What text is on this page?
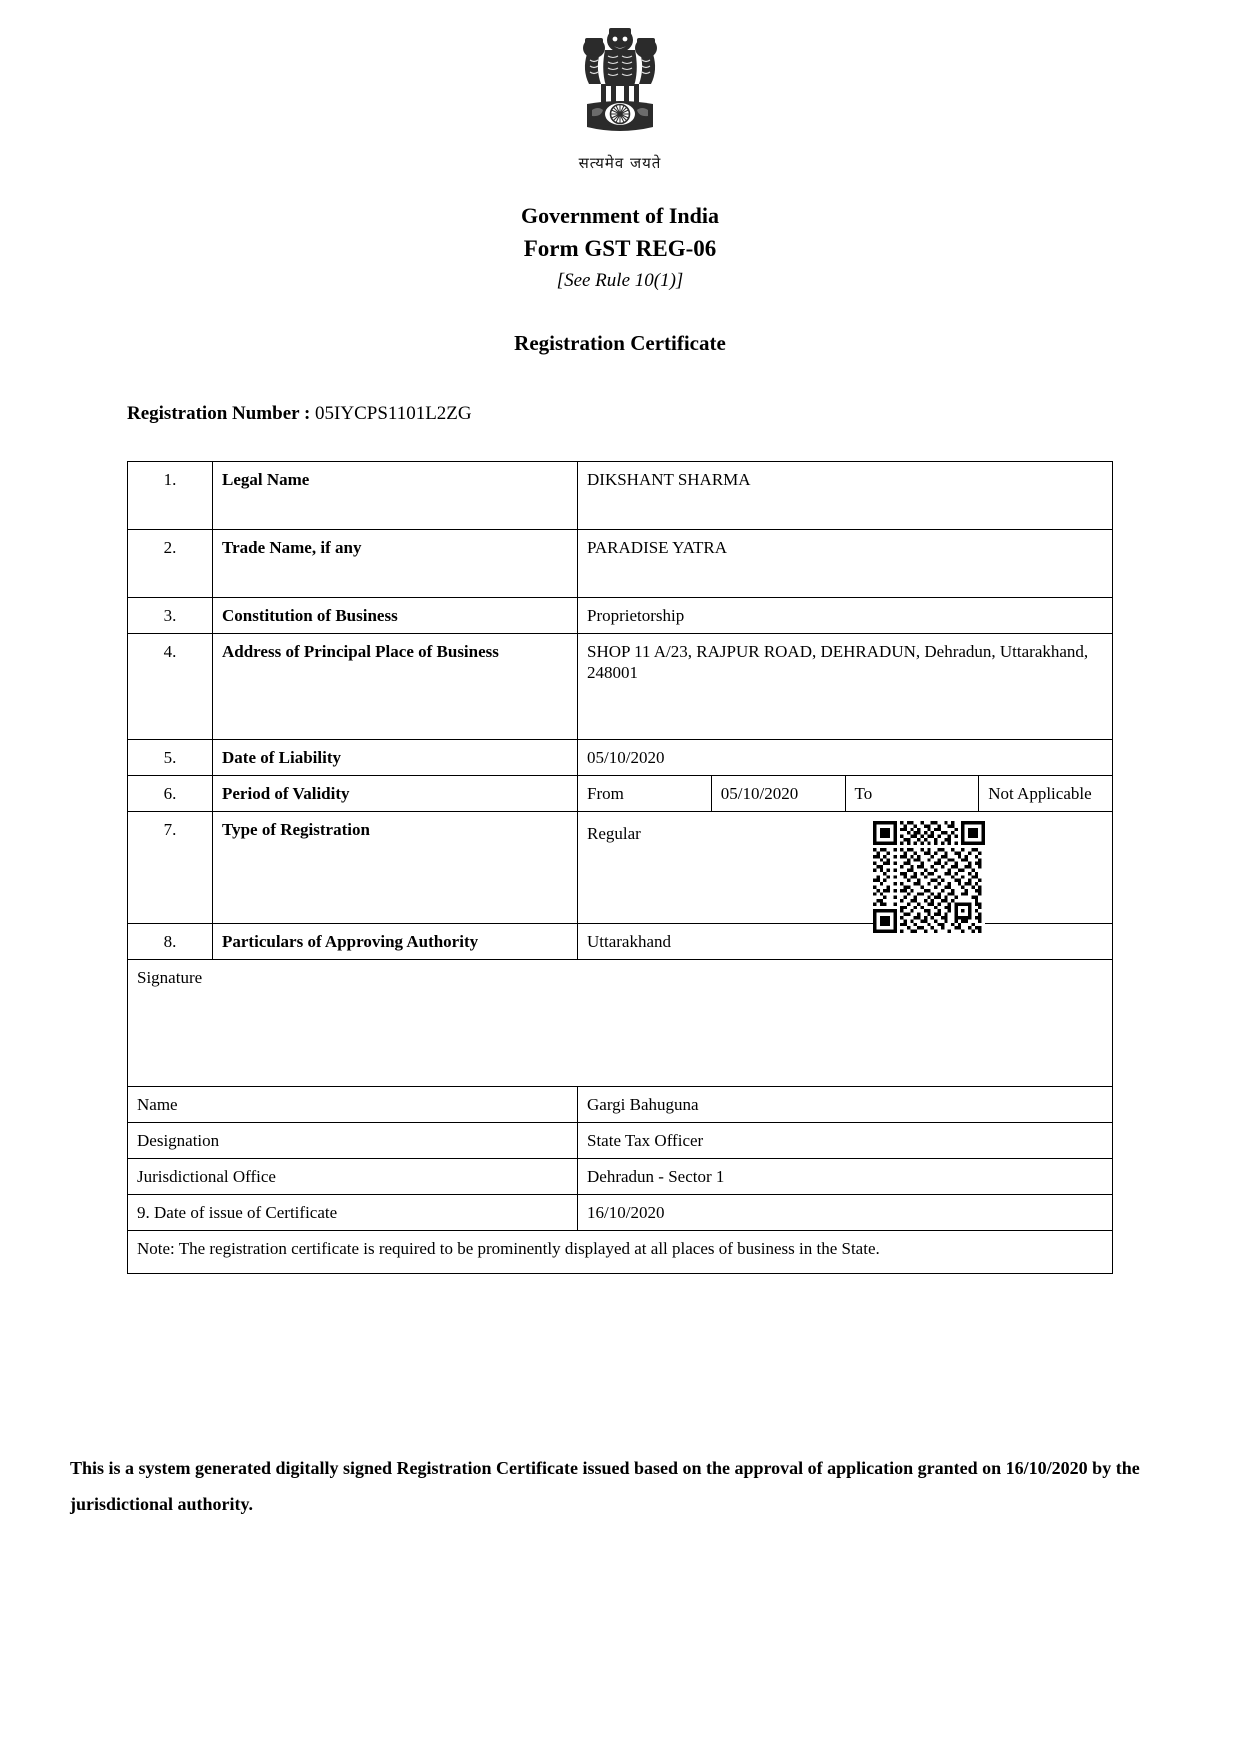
सत्यमेव जयते
Government of India
Form GST REG-06
[See Rule 10(1)]
Registration Certificate
Registration Number : 05IYCPS1101L2ZG
1.	Legal Name	DIKSHANT SHARMA			
2.	Trade Name, if any	PARADISE YATRA			
3.	Constitution of Business	Proprietorship			
4.	Address of Principal Place of Business	SHOP 11 A/23, RAJPUR ROAD, DEHRADUN, Dehradun, Uttarakhand, 248001			
5.	Date of Liability	05/10/2020			
6.	Period of Validity	From	05/10/2020	To	Not Applicable
7.	Type of Registration	Regular			

8.	Particulars of Approving Authority	Uttarakhand			
Signature					
Name		Gargi Bahuguna			
Designation		State Tax Officer			
Jurisdictional Office		Dehradun - Sector 1			
9. Date of issue of Certificate		16/10/2020			
Note: The registration certificate is required to be prominently displayed at all places of business in the State.					
This is a system generated digitally signed Registration Certificate issued based on the approval of application granted on 16/10/2020 by the jurisdictional authority.
